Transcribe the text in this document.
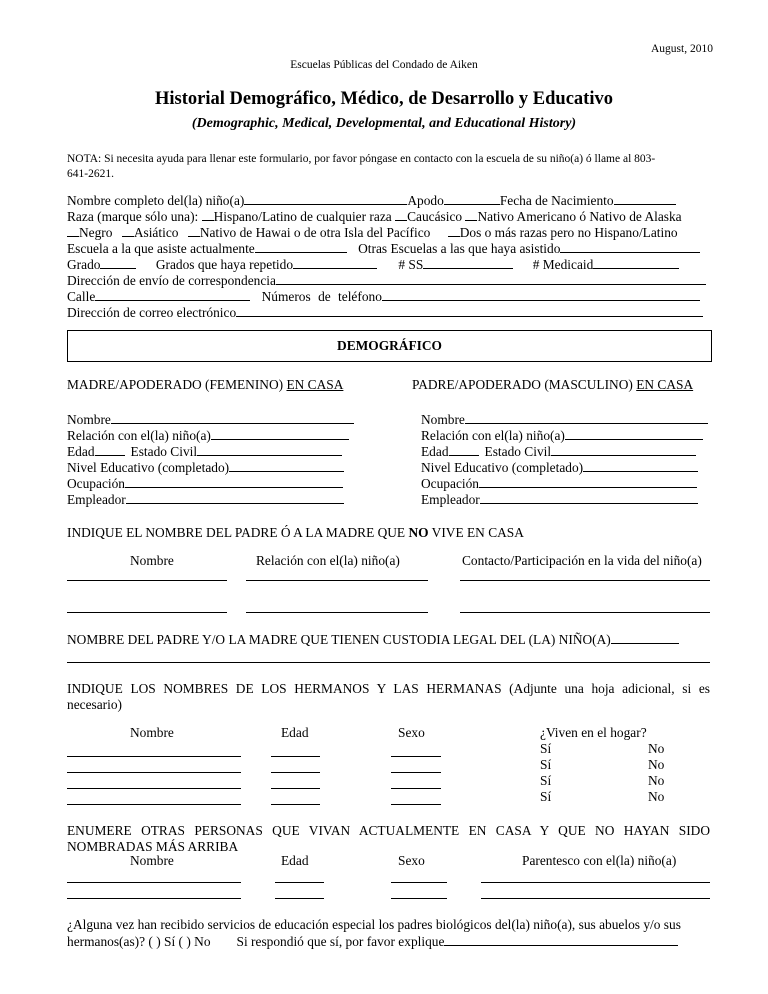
August, 2010
Escuelas Públicas del Condado de Aiken
Historial Demográfico, Médico, de Desarrollo y Educativo
(Demographic, Medical, Developmental, and Educational History)
NOTA: Si necesita ayuda para llenar este formulario, por favor póngase en contacto con la escuela de su niño(a) ó llame al 803-
641-2621.
Nombre completo del(la) niño(a)	Apodo	Fecha de Nacimiento
Raza (marque sólo una): Hispano/Latino de cualquier raza Caucásico Nativo Americano ó Nativo de Alaska
Negro Asiático Nativo de Hawai o de otra Isla del Pacífico Dos o más razas pero no Hispano/Latino
Escuela a la que asiste actualmente	Otras Escuelas a las que haya asistido
Grado	Grados que haya repetido	# SS	# Medicaid
Dirección de envío de correspondencia
Calle	Números de teléfono
Dirección de correo electrónico
DEMOGRÁFICO
MADRE/APODERADO (FEMENINO) EN CASA	PADRE/APODERADO (MASCULINO) EN CASA
Nombre
Relación con el(la) niño(a)
Edad	Estado Civil
Nivel Educativo (completado)
Ocupación
Empleador
Nombre
Relación con el(la) niño(a)
Edad	Estado Civil
Nivel Educativo (completado)
Ocupación
Empleador
INDIQUE EL NOMBRE DEL PADRE Ó A LA MADRE QUE NO VIVE EN CASA
Nombre	Relación con el(la) niño(a)	Contacto/Participación en la vida del niño(a)
NOMBRE DEL PADRE Y/O LA MADRE QUE TIENEN CUSTODIA LEGAL DEL (LA) NIÑO(A)
INDIQUE LOS NOMBRES DE LOS HERMANOS Y LAS HERMANAS (Adjunte una hoja adicional, si es
necesario)
Nombre	Edad	Sexo	¿Viven en el hogar?
Sí	No
Sí	No
Sí	No
Sí	No
ENUMERE OTRAS PERSONAS QUE VIVAN ACTUALMENTE EN CASA Y QUE NO HAYAN SIDO
NOMBRADAS MÁS ARRIBA
Nombre	Edad	Sexo	Parentesco con el(la) niño(a)
¿Alguna vez han recibido servicios de educación especial los padres biológicos del(la) niño(a), sus abuelos y/o sus
hermanos(as)? ( ) Sí ( ) No Si respondió que sí, por favor explique
